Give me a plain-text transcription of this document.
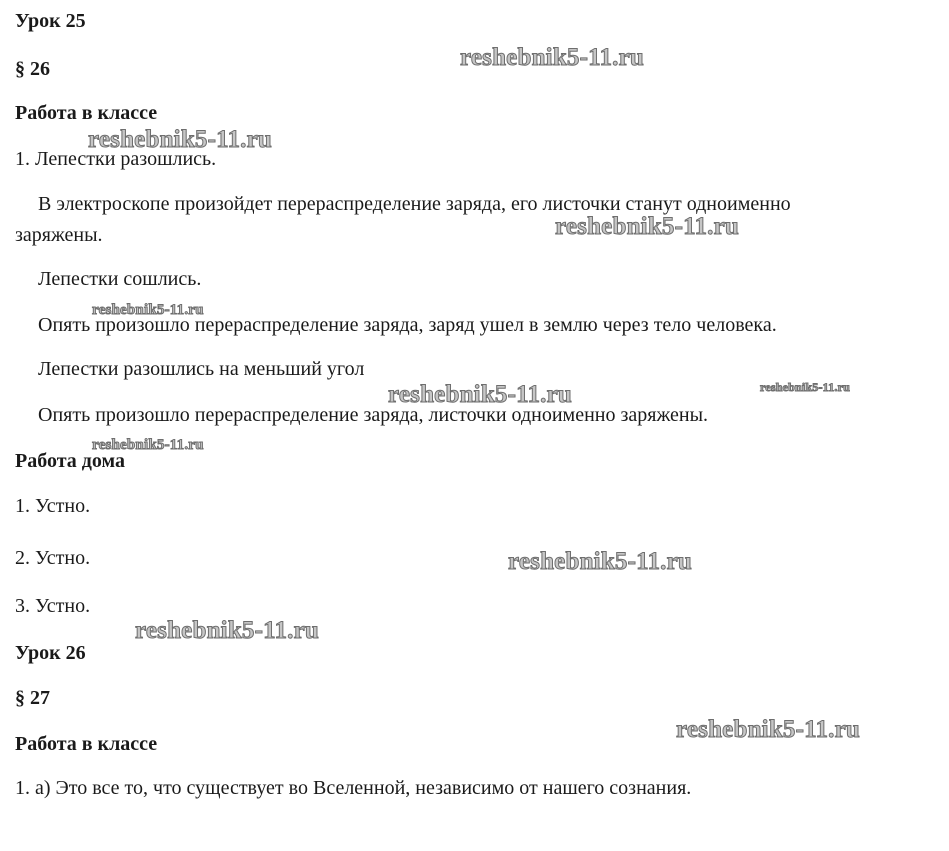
Урок 25
§ 26
Работа в классе
1. Лепестки разошлись.
В электроскопе произойдет перераспределение заряда, его листочки станут одноименно
заряжены.
Лепестки сошлись.
Опять произошло перераспределение заряда, заряд ушел в землю через тело человека.
Лепестки разошлись на меньший угол
Опять произошло перераспределение заряда, листочки одноименно заряжены.
Работа дома
1. Устно.
2. Устно.
3. Устно.
Урок 26
§ 27
Работа в классе
1. а) Это все то, что существует во Вселенной, независимо от нашего сознания.
reshebnik5-11.ru
reshebnik5-11.ru
reshebnik5-11.ru
reshebnik5-11.ru
reshebnik5-11.ru	reshebnik5-11.ru
reshebnik5-11.ru
reshebnik5-11.ru
reshebnik5-11.ru
reshebnik5-11.ru
